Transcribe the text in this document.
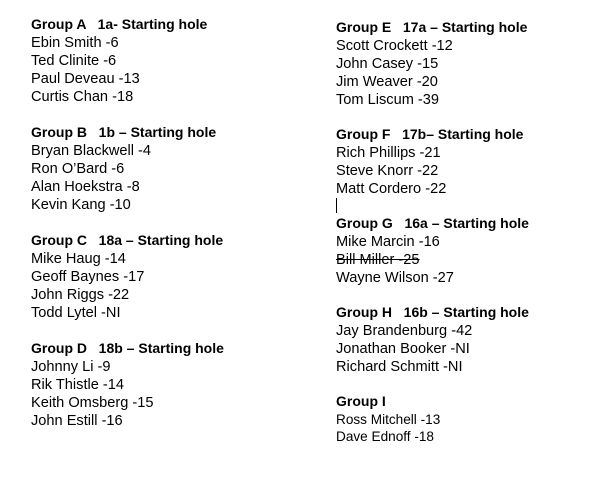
Group A   1a- Starting hole
Ebin Smith -6
Ted Clinite -6
Paul Deveau -13
Curtis Chan -18
Group B   1b – Starting hole
Bryan Blackwell -4
Ron O’Bard -6
Alan Hoekstra -8
Kevin Kang -10
Group C   18a – Starting hole
Mike Haug -14
Geoff Baynes -17
John Riggs -22
Todd Lytel -NI
Group D   18b – Starting hole
Johnny Li -9
Rik Thistle -14
Keith Omsberg -15
John Estill -16
Group E   17a – Starting hole
Scott Crockett -12
John Casey -15
Jim Weaver -20
Tom Liscum -39
Group F   17b– Starting hole
Rich Phillips -21
Steve Knorr -22
Matt Cordero -22
Group G   16a – Starting hole
Mike Marcin -16
Bill Miller -25
Wayne Wilson -27
Group H   16b – Starting hole
Jay Brandenburg -42
Jonathan Booker -NI
Richard Schmitt -NI
Group I
Ross Mitchell -13
Dave Ednoff -18
